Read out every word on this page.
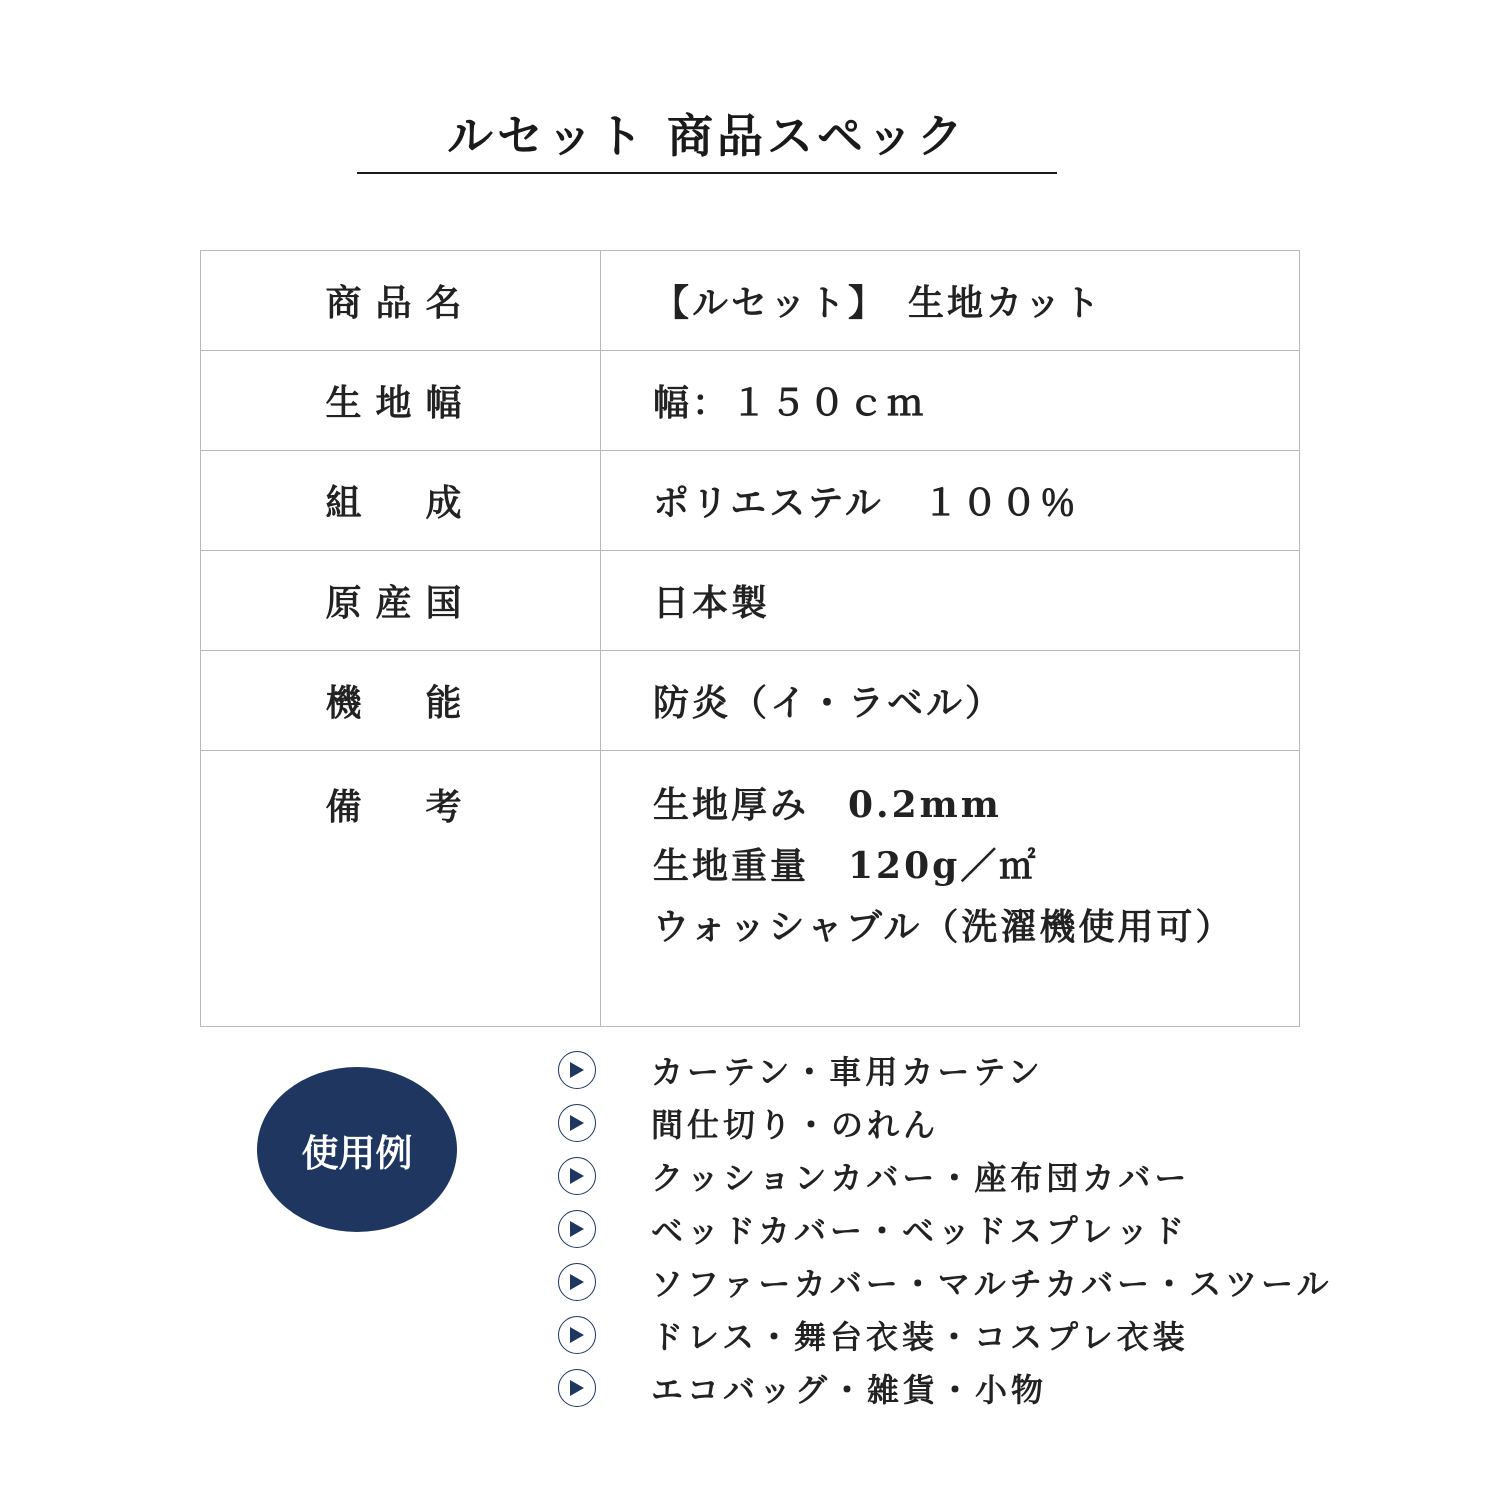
ルセット 商品スペック
商品名	【ルセット】　生地カット
生地幅	幅：１５０ｃｍ
組　成	ポリエステル　１００％
原産国	日本製
機　能	防炎（イ・ラベル）
備　考	生地厚み　0.2mm
生地重量　120g／㎡
ウォッシャブル（洗濯機使用可）
使用例
カーテン・車用カーテン
間仕切り・のれん
クッションカバー・座布団カバー
ベッドカバー・ベッドスプレッド
ソファーカバー・マルチカバー・スツール
ドレス・舞台衣装・コスプレ衣装
エコバッグ・雑貨・小物
